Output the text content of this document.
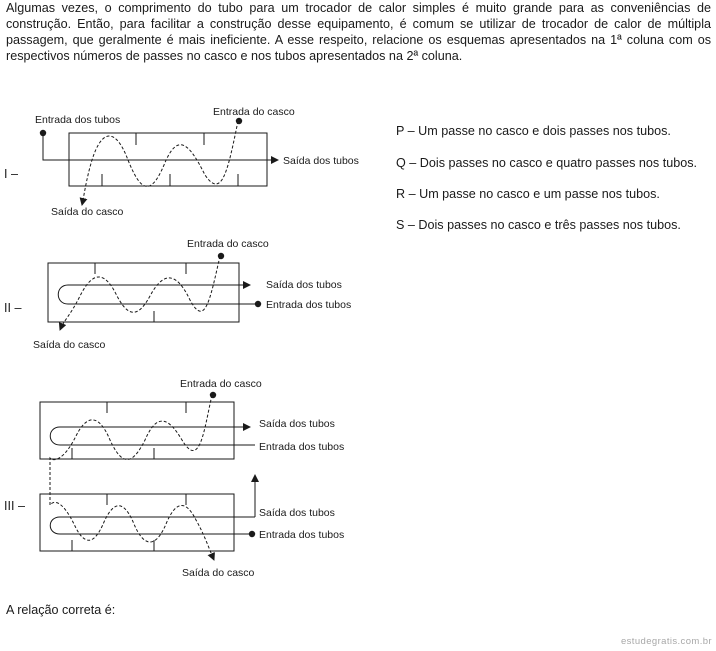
Algumas vezes, o comprimento do tubo para um trocador de calor simples é muito grande para as conveniências de construção. Então, para facilitar a construção desse equipamento, é comum se utilizar de trocador de calor de múltipla passagem, que geralmente é mais ineficiente. A esse respeito, relacione os esquemas apresentados na 1ª coluna com os respectivos números de passes no casco e nos tubos apresentados na 2ª coluna.

Entrada dos tubos
Entrada do casco
Saída dos tubos
Saída do casco
I –
Entrada do casco
Saída dos tubos
Entrada dos tubos
Saída do casco
II –
Entrada do casco
Saída dos tubos
Entrada dos tubos
Saída dos tubos
Entrada dos tubos
Saída do casco
III –
P – Um passe no casco e dois passes nos tubos.
Q – Dois passes no casco e quatro passes nos tubos.
R – Um passe no casco e um passe nos tubos.
S – Dois passes no casco e três passes nos tubos.
A relação correta é:
estudegratis.com.br
